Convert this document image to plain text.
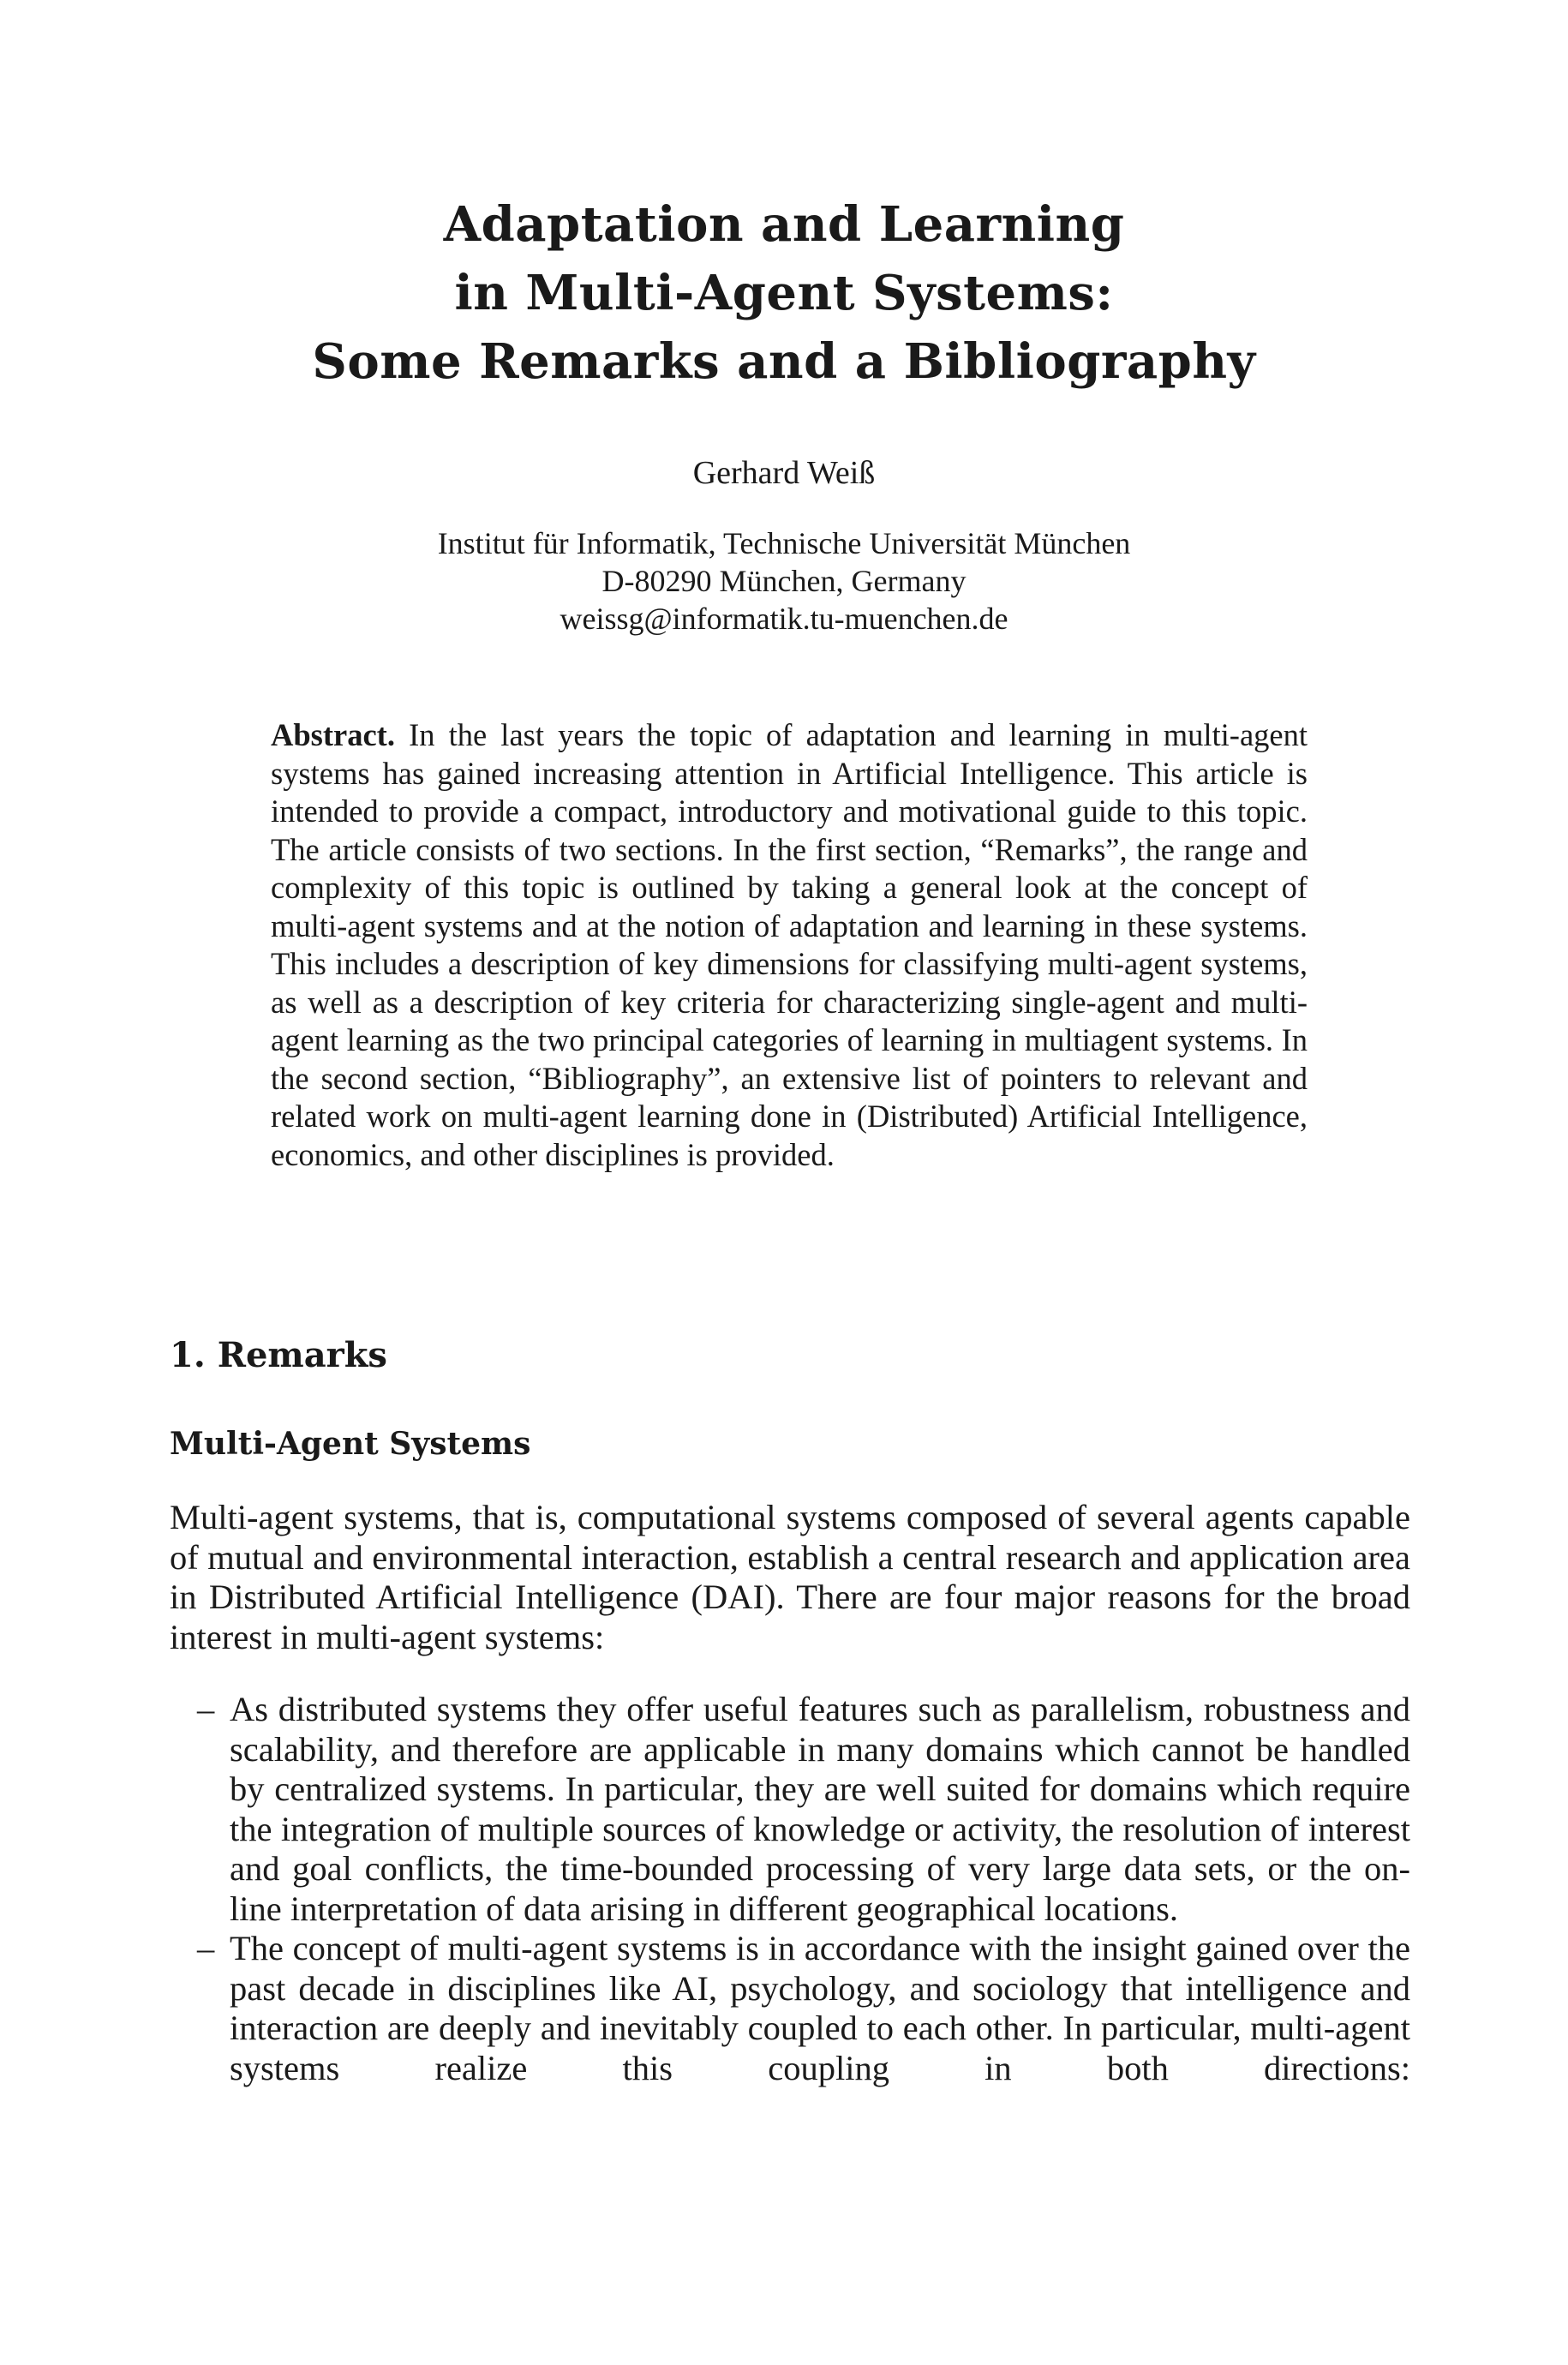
Adaptation and Learning
in Multi-Agent Systems:
Some Remarks and a Bibliography
Gerhard Weiß
Institut für Informatik, Technische Universität München
D-80290 München, Germany
weissg@informatik.tu-muenchen.de
Abstract. In the last years the topic of adaptation and learning in multi-agent systems has gained increasing attention in Artificial Intelligence. This article is intended to provide a compact, introductory and motivational guide to this topic. The article consists of two sections. In the first section, “Remarks”, the range and complexity of this topic is outlined by taking a general look at the concept of multi-agent systems and at the notion of adaptation and learning in these systems. This includes a description of key dimensions for classifying multi-agent systems, as well as a description of key criteria for characterizing single-agent and multi-agent learning as the two principal categories of learning in multiagent systems. In the second section, “Bibliography”, an extensive list of pointers to relevant and related work on multi-agent learning done in (Distributed) Artificial Intelligence, economics, and other disciplines is provided.
1. Remarks
Multi-Agent Systems
Multi-agent systems, that is, computational systems composed of several agents capable of mutual and environmental interaction, establish a central research and application area in Distributed Artificial Intelligence (DAI). There are four major reasons for the broad interest in multi-agent systems:
– As distributed systems they offer useful features such as parallelism, robustness and scalability, and therefore are applicable in many domains which cannot be handled by centralized systems. In particular, they are well suited for domains which require the integration of multiple sources of knowledge or activity, the resolution of interest and goal conflicts, the time-bounded processing of very large data sets, or the on-line interpretation of data arising in different geographical locations.
– The concept of multi-agent systems is in accordance with the insight gained over the past decade in disciplines like AI, psychology, and sociology that intelligence and interaction are deeply and inevitably coupled to each other. In particular, multi-agent systems realize this coupling in both directions:
